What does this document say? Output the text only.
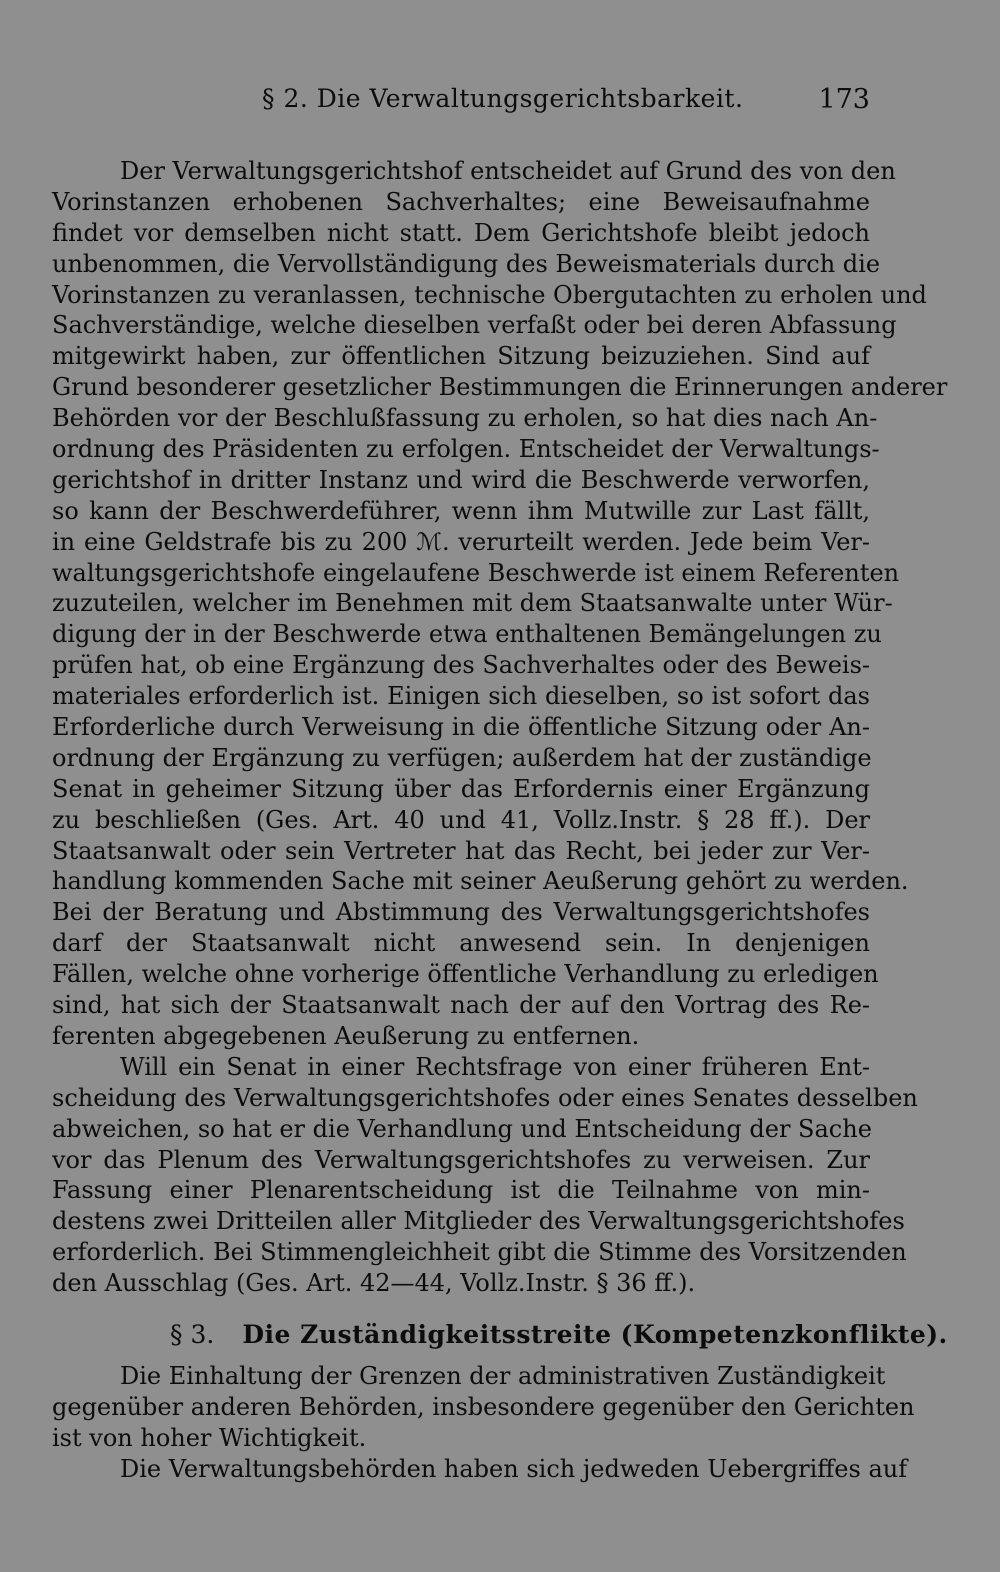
§ 2. Die Verwaltungsgerichtsbarkeit.	173
Der Verwaltungsgerichtshof entscheidet auf Grund des von den
Vorinstanzen erhobenen Sachverhaltes; eine Beweisaufnahme
findet vor demselben nicht statt. Dem Gerichtshofe bleibt jedoch
unbenommen, die Vervollständigung des Beweismaterials durch die
Vorinstanzen zu veranlassen, technische Obergutachten zu erholen und
Sachverständige, welche dieselben verfaßt oder bei deren Abfassung
mitgewirkt haben, zur öffentlichen Sitzung beizuziehen. Sind auf
Grund besonderer gesetzlicher Bestimmungen die Erinnerungen anderer
Behörden vor der Beschlußfassung zu erholen, so hat dies nach An-
ordnung des Präsidenten zu erfolgen. Entscheidet der Verwaltungs-
gerichtshof in dritter Instanz und wird die Beschwerde verworfen,
so kann der Beschwerdeführer, wenn ihm Mutwille zur Last fällt,
in eine Geldstrafe bis zu 200 ℳ. verurteilt werden. Jede beim Ver-
waltungsgerichtshofe eingelaufene Beschwerde ist einem Referenten
zuzuteilen, welcher im Benehmen mit dem Staatsanwalte unter Wür-
digung der in der Beschwerde etwa enthaltenen Bemängelungen zu
prüfen hat, ob eine Ergänzung des Sachverhaltes oder des Beweis-
materiales erforderlich ist. Einigen sich dieselben, so ist sofort das
Erforderliche durch Verweisung in die öffentliche Sitzung oder An-
ordnung der Ergänzung zu verfügen; außerdem hat der zuständige
Senat in geheimer Sitzung über das Erfordernis einer Ergänzung
zu beschließen (Ges. Art. 40 und 41, Vollz.Instr. § 28 ff.). Der
Staatsanwalt oder sein Vertreter hat das Recht, bei jeder zur Ver-
handlung kommenden Sache mit seiner Aeußerung gehört zu werden.
Bei der Beratung und Abstimmung des Verwaltungsgerichtshofes
darf der Staatsanwalt nicht anwesend sein. In denjenigen
Fällen, welche ohne vorherige öffentliche Verhandlung zu erledigen
sind, hat sich der Staatsanwalt nach der auf den Vortrag des Re-
ferenten abgegebenen Aeußerung zu entfernen.
Will ein Senat in einer Rechtsfrage von einer früheren Ent-
scheidung des Verwaltungsgerichtshofes oder eines Senates desselben
abweichen, so hat er die Verhandlung und Entscheidung der Sache
vor das Plenum des Verwaltungsgerichtshofes zu verweisen. Zur
Fassung einer Plenarentscheidung ist die Teilnahme von min-
destens zwei Dritteilen aller Mitglieder des Verwaltungsgerichtshofes
erforderlich. Bei Stimmengleichheit gibt die Stimme des Vorsitzenden
den Ausschlag (Ges. Art. 42—44, Vollz.Instr. § 36 ff.).
§ 3. Die Zuständigkeitsstreite (Kompetenzkonflikte).
Die Einhaltung der Grenzen der administrativen Zuständigkeit
gegenüber anderen Behörden, insbesondere gegenüber den Gerichten
ist von hoher Wichtigkeit.
Die Verwaltungsbehörden haben sich jedweden Uebergriffes auf
